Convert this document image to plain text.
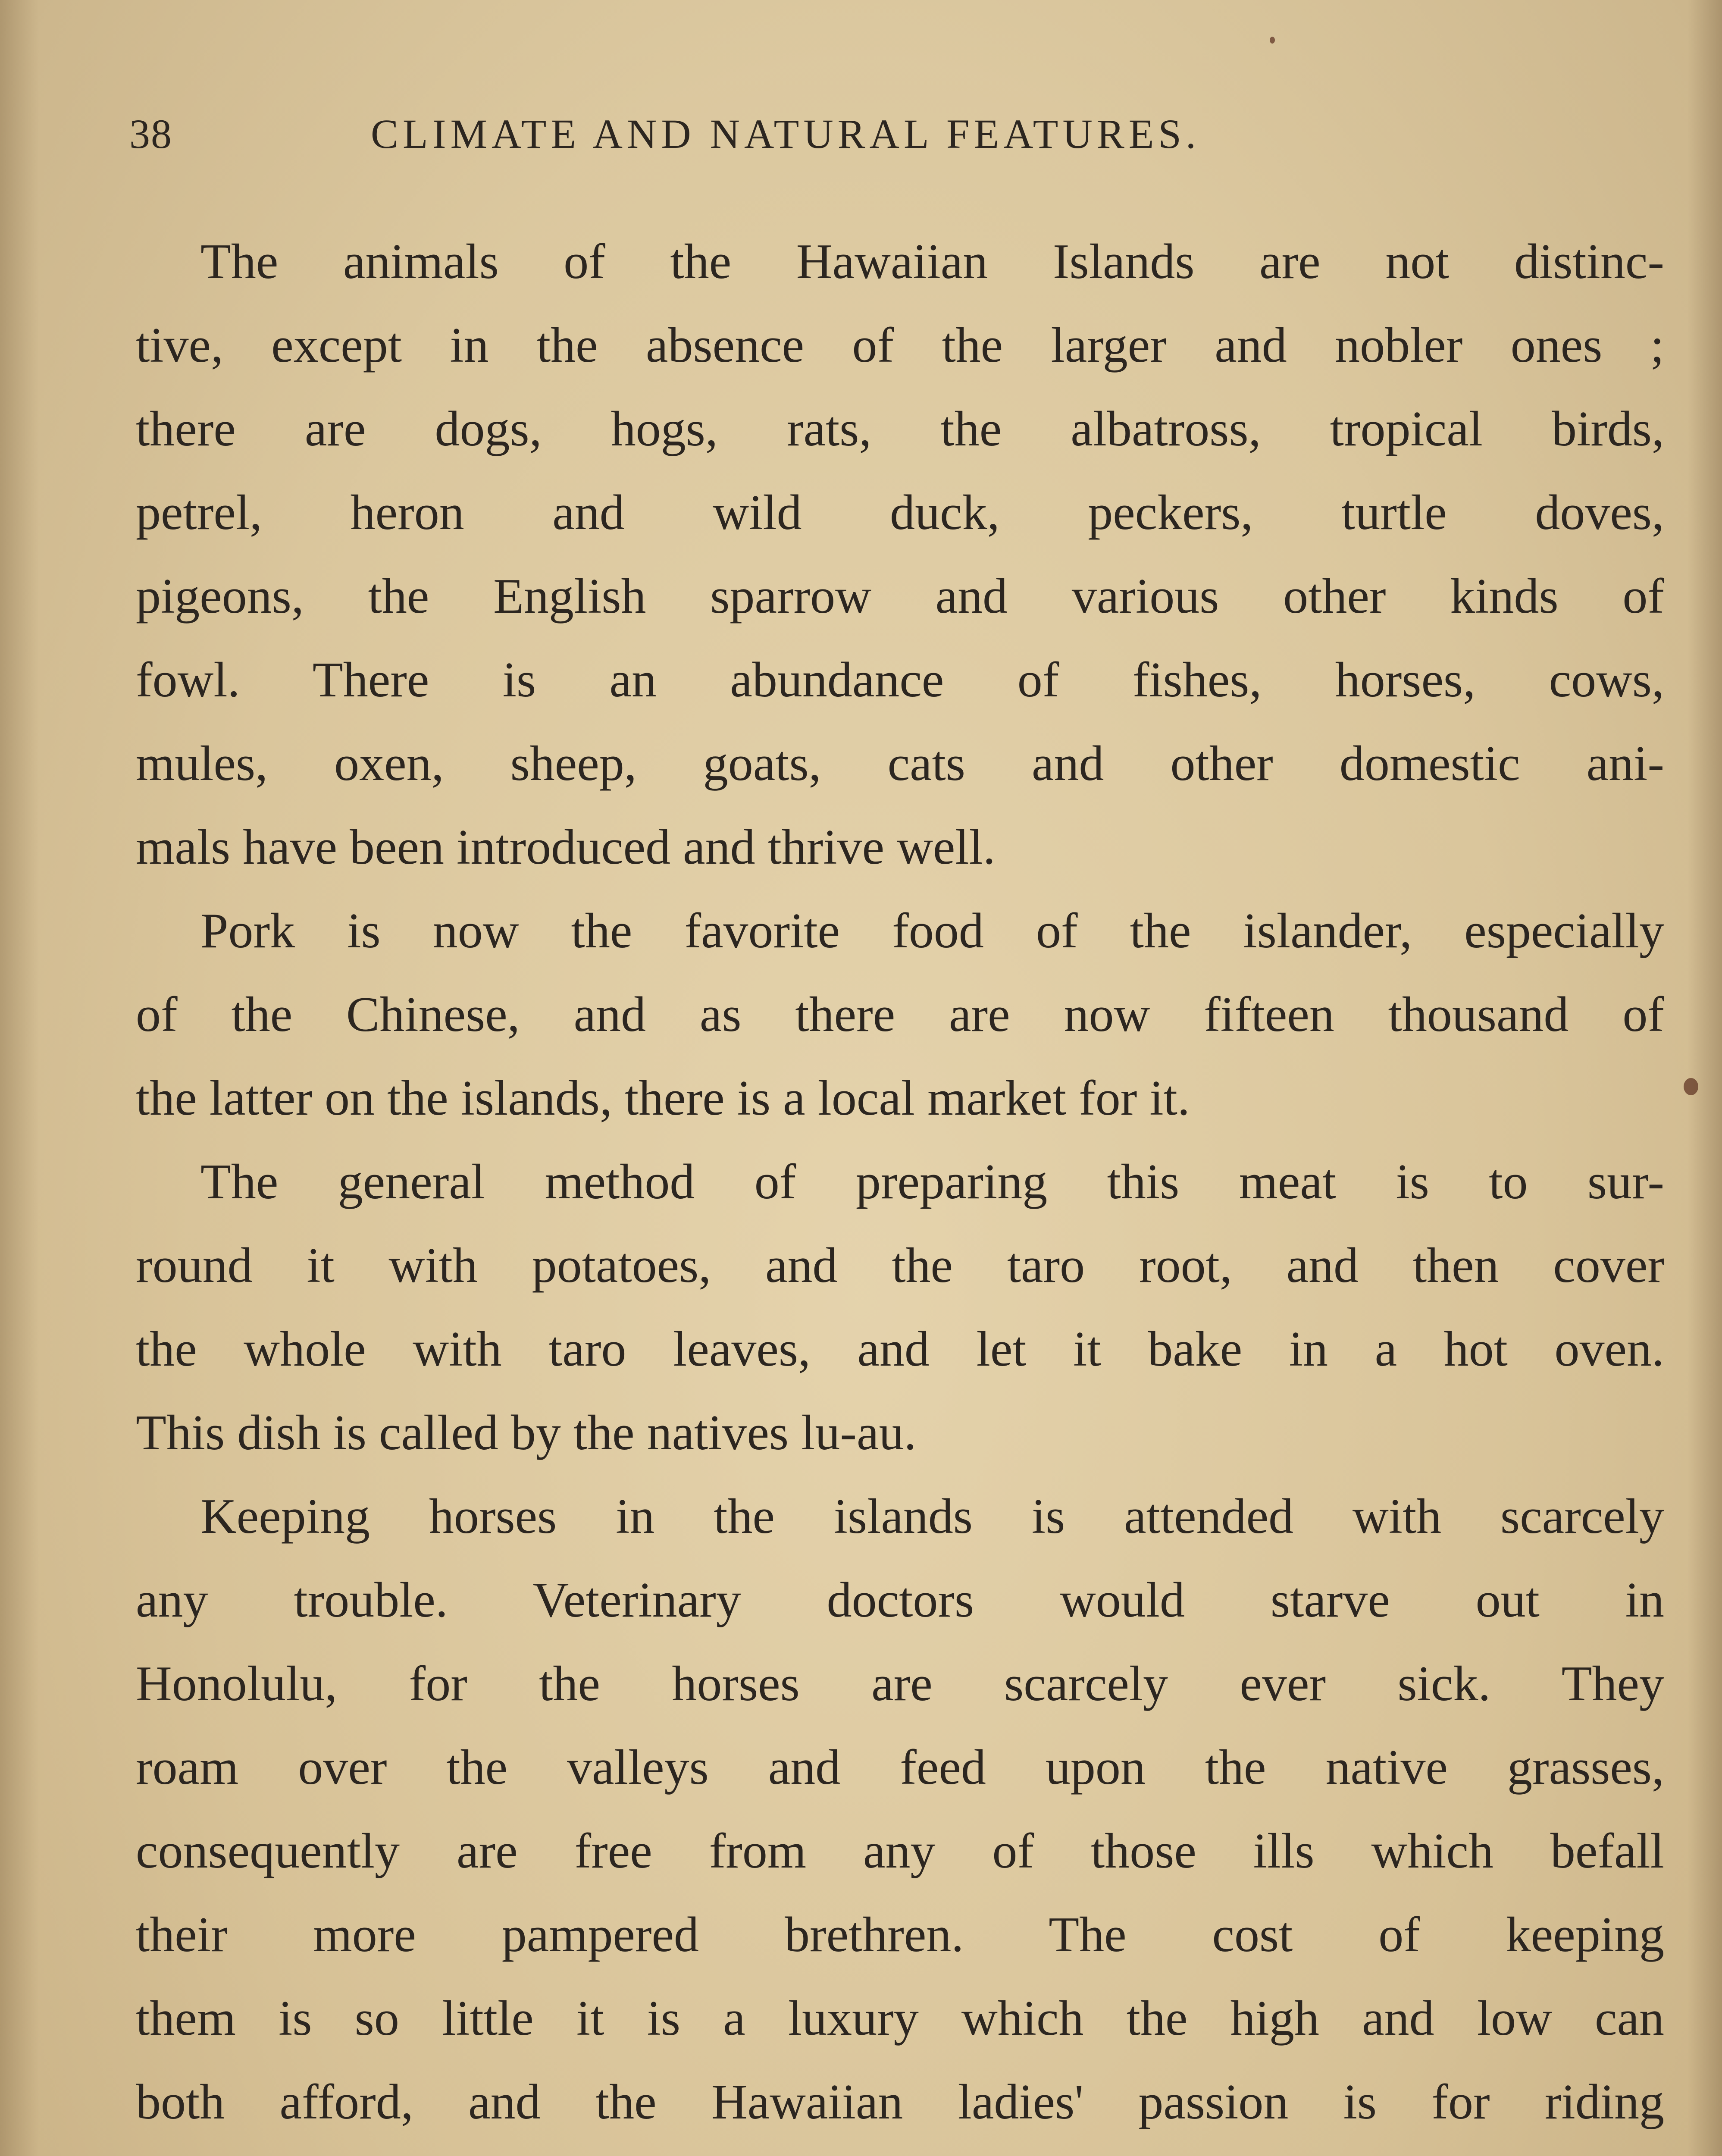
38	CLIMATE AND NATURAL FEATURES.
The animals of the Hawaiian Islands are not distinc-
tive, except in the absence of the larger and nobler ones ;
there are dogs, hogs, rats, the albatross, tropical birds,
petrel, heron and wild duck, peckers, turtle doves,
pigeons, the English sparrow and various other kinds of
fowl. There is an abundance of fishes, horses, cows,
mules, oxen, sheep, goats, cats and other domestic ani-
mals have been introduced and thrive well.
Pork is now the favorite food of the islander, especially
of the Chinese, and as there are now fifteen thousand of
the latter on the islands, there is a local market for it.
The general method of preparing this meat is to sur-
round it with potatoes, and the taro root, and then cover
the whole with taro leaves, and let it bake in a hot oven.
This dish is called by the natives lu-au.
Keeping horses in the islands is attended with scarcely
any trouble. Veterinary doctors would starve out in
Honolulu, for the horses are scarcely ever sick. They
roam over the valleys and feed upon the native grasses,
consequently are free from any of those ills which befall
their more pampered brethren. The cost of keeping
them is so little it is a luxury which the high and low can
both afford, and the Hawaiian ladies' passion is for riding
